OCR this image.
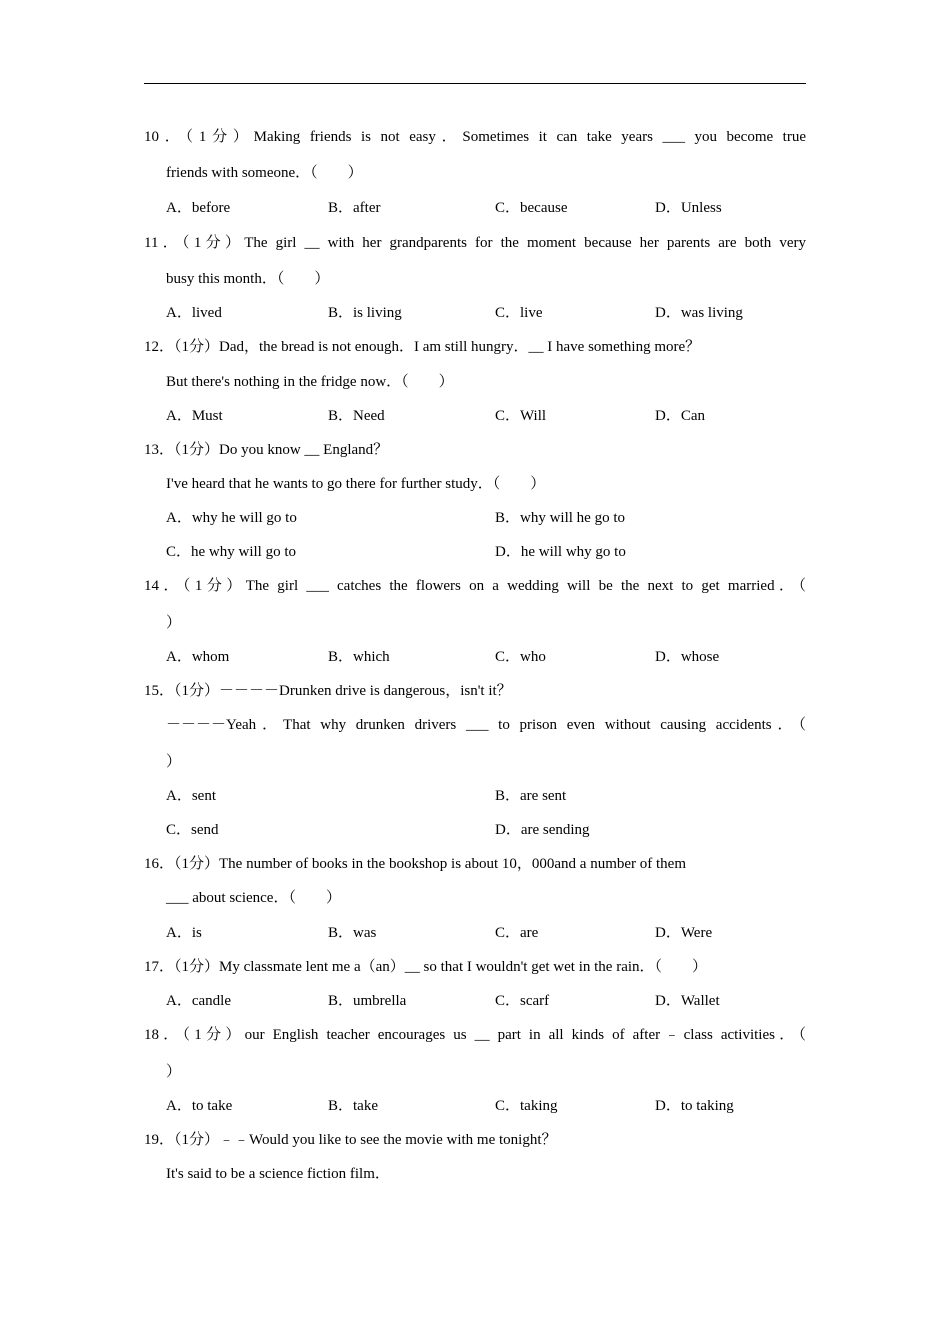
10．（1分）Making friends is not easy．Sometimes it can take years ___ you become true
friends with someone．（　　）
A．before	B．after	C．because	D．Unless
11．（1分）The girl __ with her grandparents for the moment because her parents are both very
busy this month．（　　）
A．lived	B．is living	C．live	D．was living
12．（1分）Dad，the bread is not enough．I am still hungry．__ I have something more？
But there's nothing in the fridge now．（　　）
A．Must	B．Need	C．Will	D．Can
13．（1分）Do you know __ England？
I've heard that he wants to go there for further study．（　　）
A．why he will go to	B．why will he go to
C．he why will go to	D．he will why go to
14．（1分）The girl ___ catches the flowers on a wedding will be the next to get married．（
）
A．whom	B．which	C．who	D．whose
15．（1分）－－－－Drunken drive is dangerous，isn't it？
－－－－Yeah．That why drunken drivers ___ to prison even without causing accidents．（
）
A．sent	B．are sent
C．send	D．are sending
16．（1分）The number of books in the bookshop is about 10，000and a number of them
___ about science．（　　）
A．is	B．was	C．are	D．Were
17．（1分）My classmate lent me a（an）__ so that I wouldn't get wet in the rain．（　　）
A．candle	B．umbrella	C．scarf	D．Wallet
18．（1分）our English teacher encourages us __ part in all kinds of after﹣class activities．（
）
A．to take	B．take	C．taking	D．to taking
19．（1分）﹣﹣Would you like to see the movie with me tonight？
It's said to be a science fiction film．
